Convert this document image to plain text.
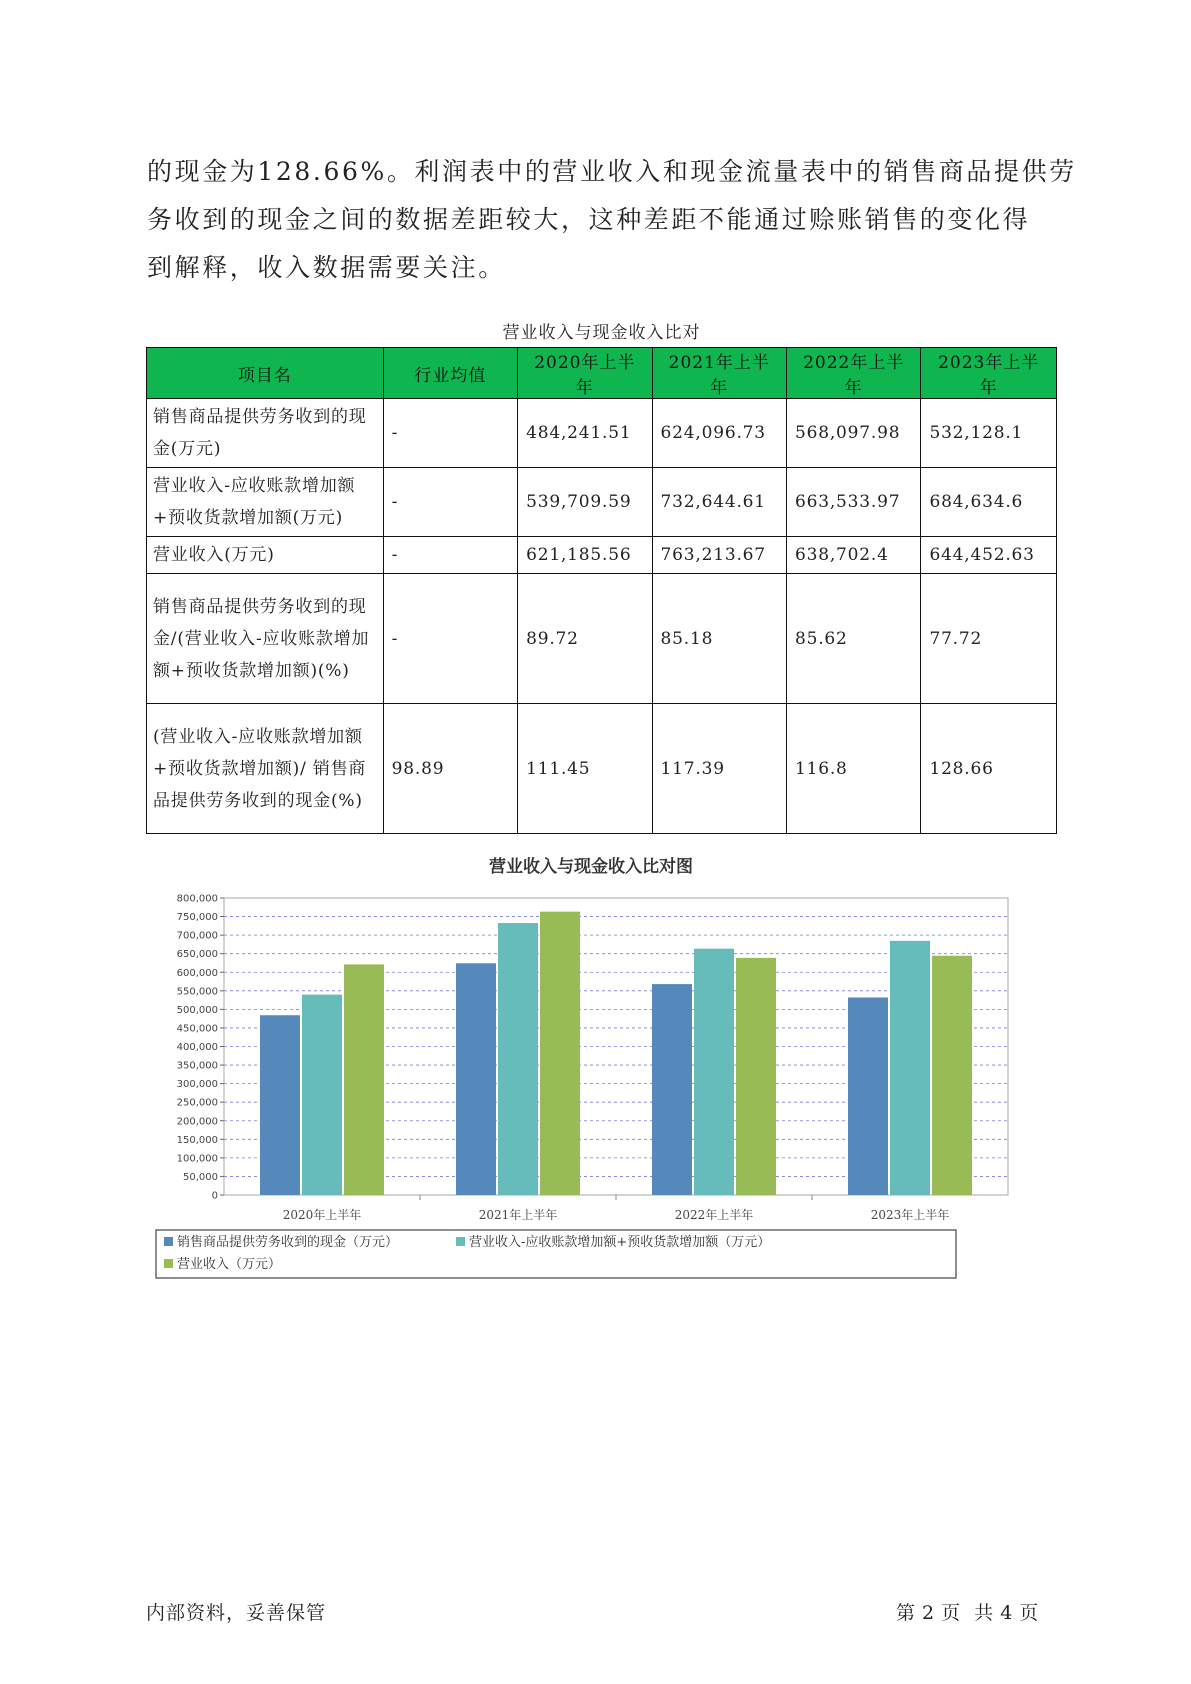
的现金为128.66%。利润表中的营业收入和现金流量表中的销售商品提供劳
务收到的现金之间的数据差距较大，这种差距不能通过赊账销售的变化得
到解释，收入数据需要关注。
营业收入与现金收入比对
项目名	行业均值	2020年上半年	2021年上半年	2022年上半年	2023年上半年
销售商品提供劳务收到的现金(万元)	-	484,241.51	624,096.73	568,097.98	532,128.1
营业收入-应收账款增加额+预收货款增加额(万元)	-	539,709.59	732,644.61	663,533.97	684,634.6
营业收入(万元)	-	621,185.56	763,213.67	638,702.4	644,452.63
销售商品提供劳务收到的现金/(营业收入-应收账款增加额+预收货款增加额)(%)	-	89.72	85.18	85.62	77.72
(营业收入-应收账款增加额+预收货款增加额)/ 销售商品提供劳务收到的现金(%)	98.89	111.45	117.39	116.8	128.66
营业收入与现金收入比对图
0
50,000
100,000
150,000
200,000
250,000
300,000
350,000
400,000
450,000
500,000
550,000
600,000
650,000
700,000
750,000
800,000
2020年上半年	2021年上半年	2022年上半年	2023年上半年
销售商品提供劳务收到的现金（万元）	营业收入-应收账款增加额+预收货款增加额（万元）
营业收入（万元）
内部资料，妥善保管	第 2 页 共 4 页
